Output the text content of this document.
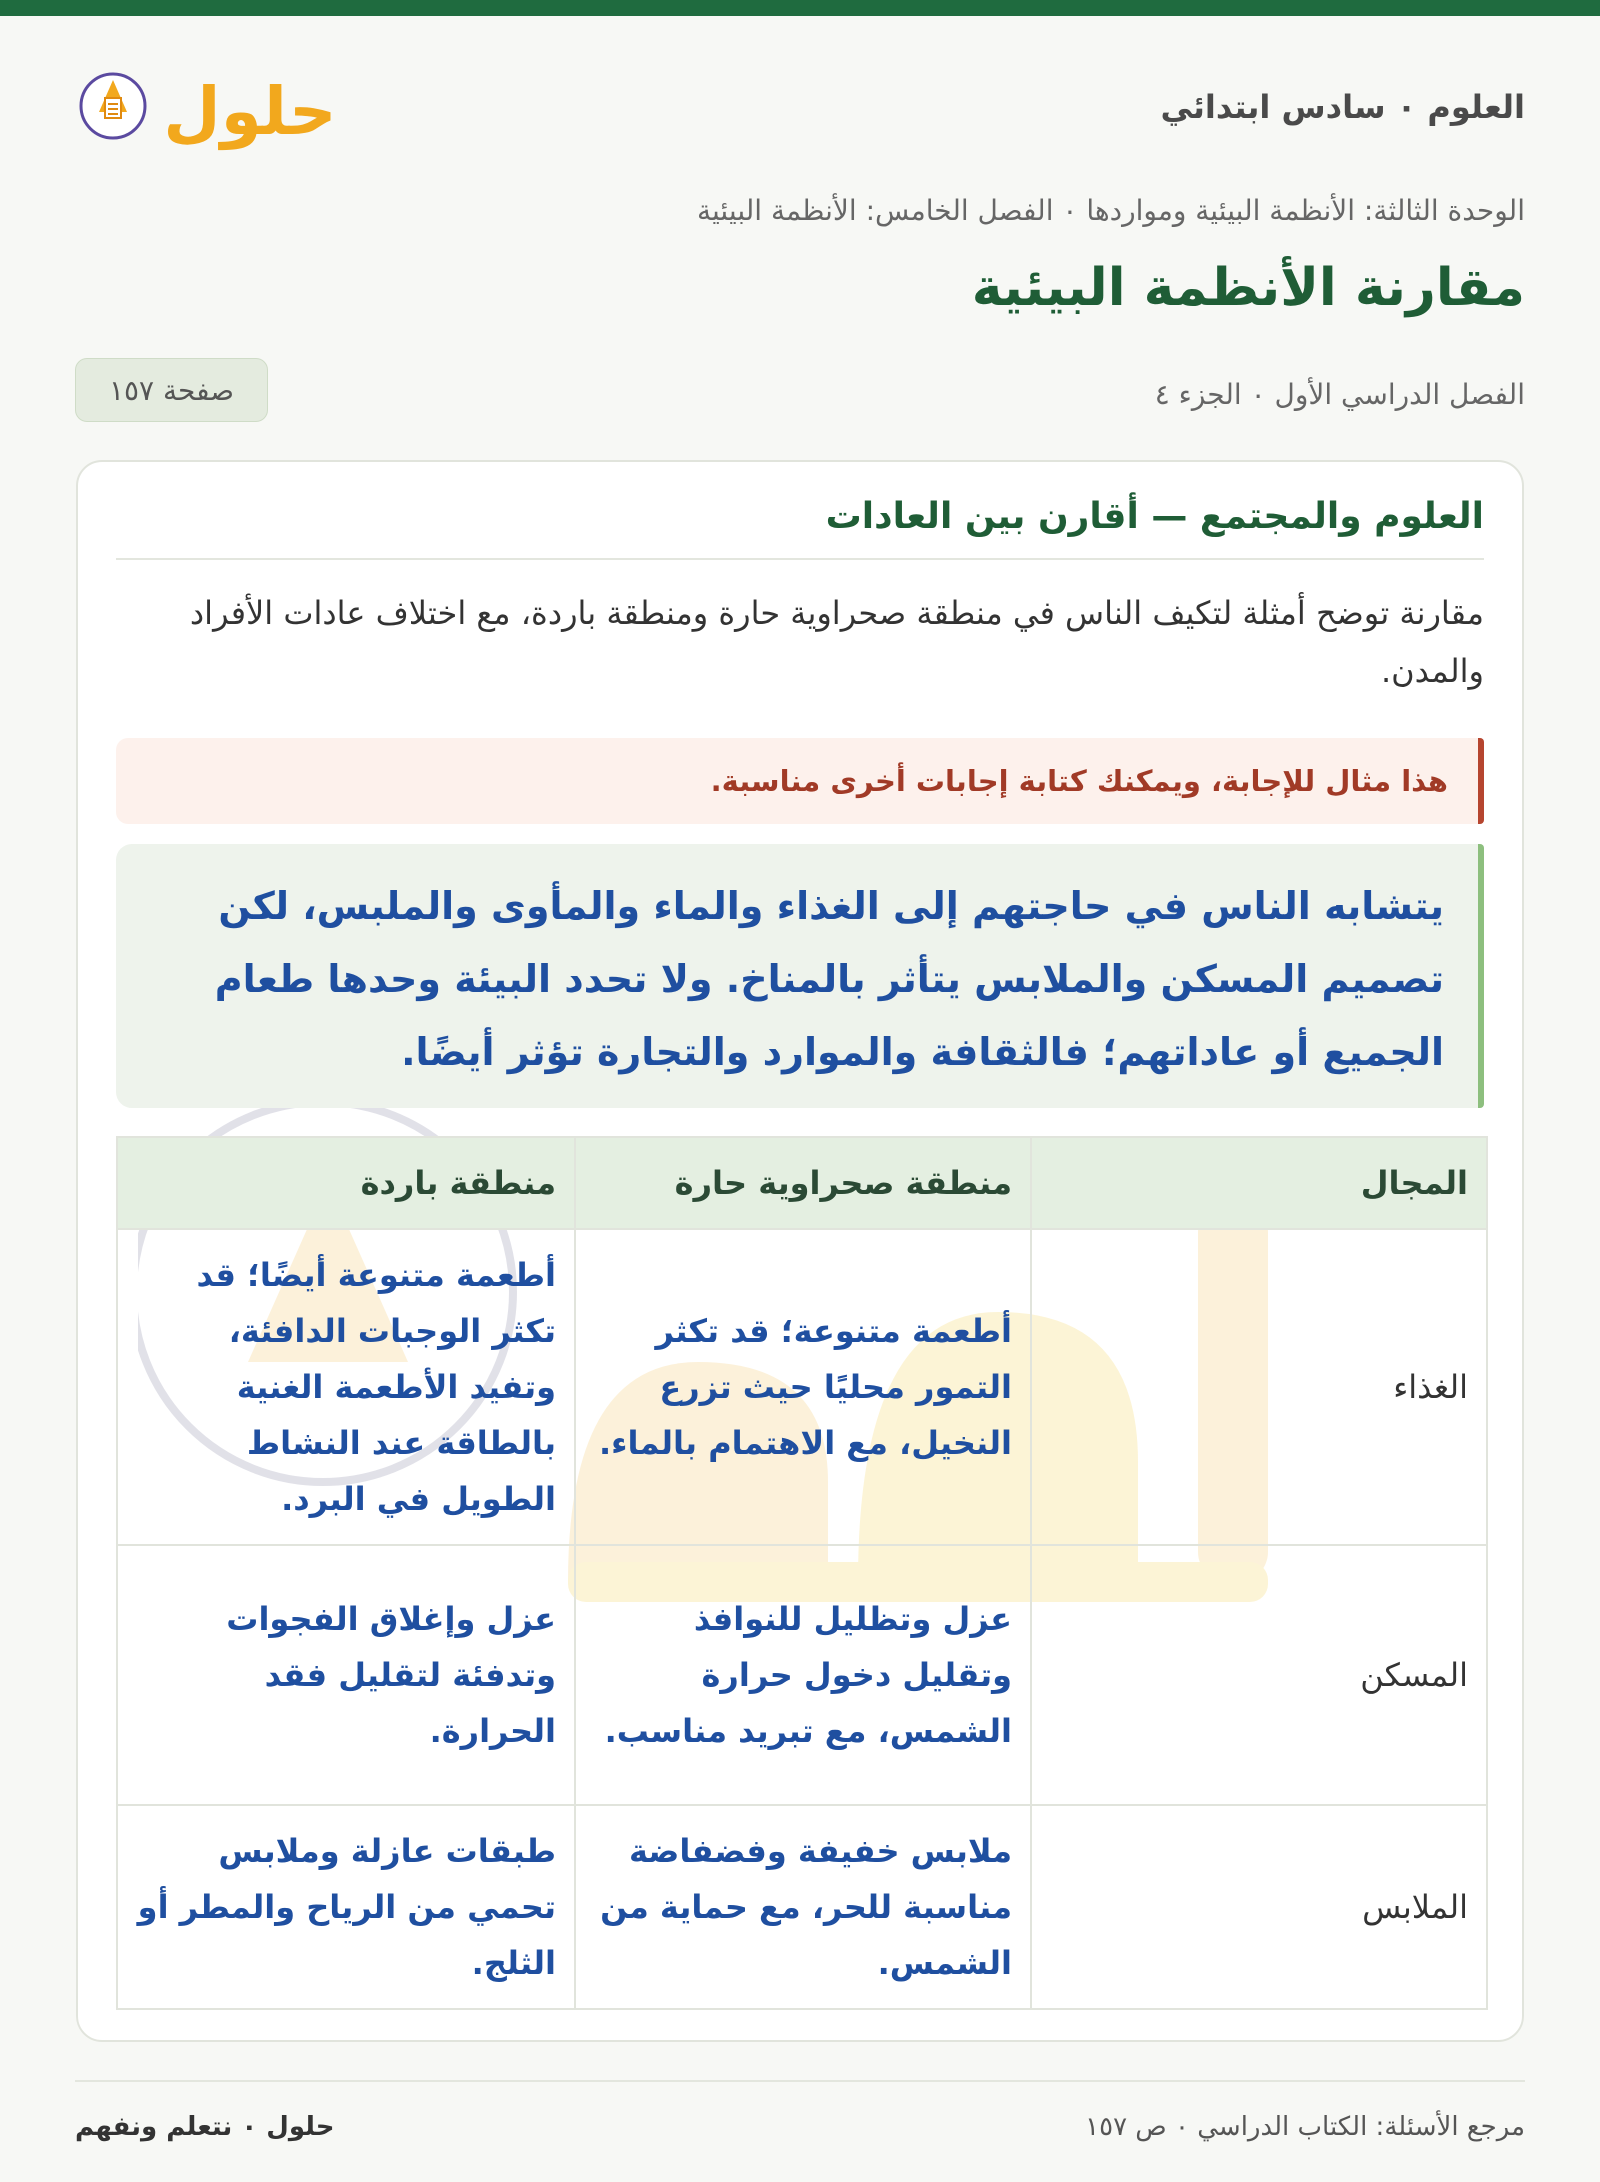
حلول	العلوم ٠ سادس ابتدائي
الوحدة الثالثة: الأنظمة البيئية ومواردها ٠ الفصل الخامس: الأنظمة البيئية
مقارنة الأنظمة البيئية
الفصل الدراسي الأول ٠ الجزء ٤
صفحة ١٥٧
العلوم والمجتمع — أقارن بين العادات
مقارنة توضح أمثلة لتكيف الناس في منطقة صحراوية حارة ومنطقة باردة، مع اختلاف عادات الأفراد والمدن.
هذا مثال للإجابة، ويمكنك كتابة إجابات أخرى مناسبة.
يتشابه الناس في حاجتهم إلى الغذاء والماء والمأوى والملبس، لكن تصميم المسكن والملابس يتأثر بالمناخ. ولا تحدد البيئة وحدها طعام الجميع أو عاداتهم؛ فالثقافة والموارد والتجارة تؤثر أيضًا.
المجال	منطقة صحراوية حارة	منطقة باردة
الغذاء	أطعمة متنوعة؛ قد تكثر التمور محليًا حيث تزرع النخيل، مع الاهتمام بالماء.	أطعمة متنوعة أيضًا؛ قد تكثر الوجبات الدافئة، وتفيد الأطعمة الغنية بالطاقة عند النشاط الطويل في البرد.
المسكن	عزل وتظليل للنوافذ وتقليل دخول حرارة الشمس، مع تبريد مناسب.	عزل وإغلاق الفجوات وتدفئة لتقليل فقد الحرارة.
الملابس	ملابس خفيفة وفضفاضة مناسبة للحر، مع حماية من الشمس.	طبقات عازلة وملابس تحمي من الرياح والمطر أو الثلج.
مرجع الأسئلة: الكتاب الدراسي ٠ ص ١٥٧
حلول ٠ نتعلم ونفهم
